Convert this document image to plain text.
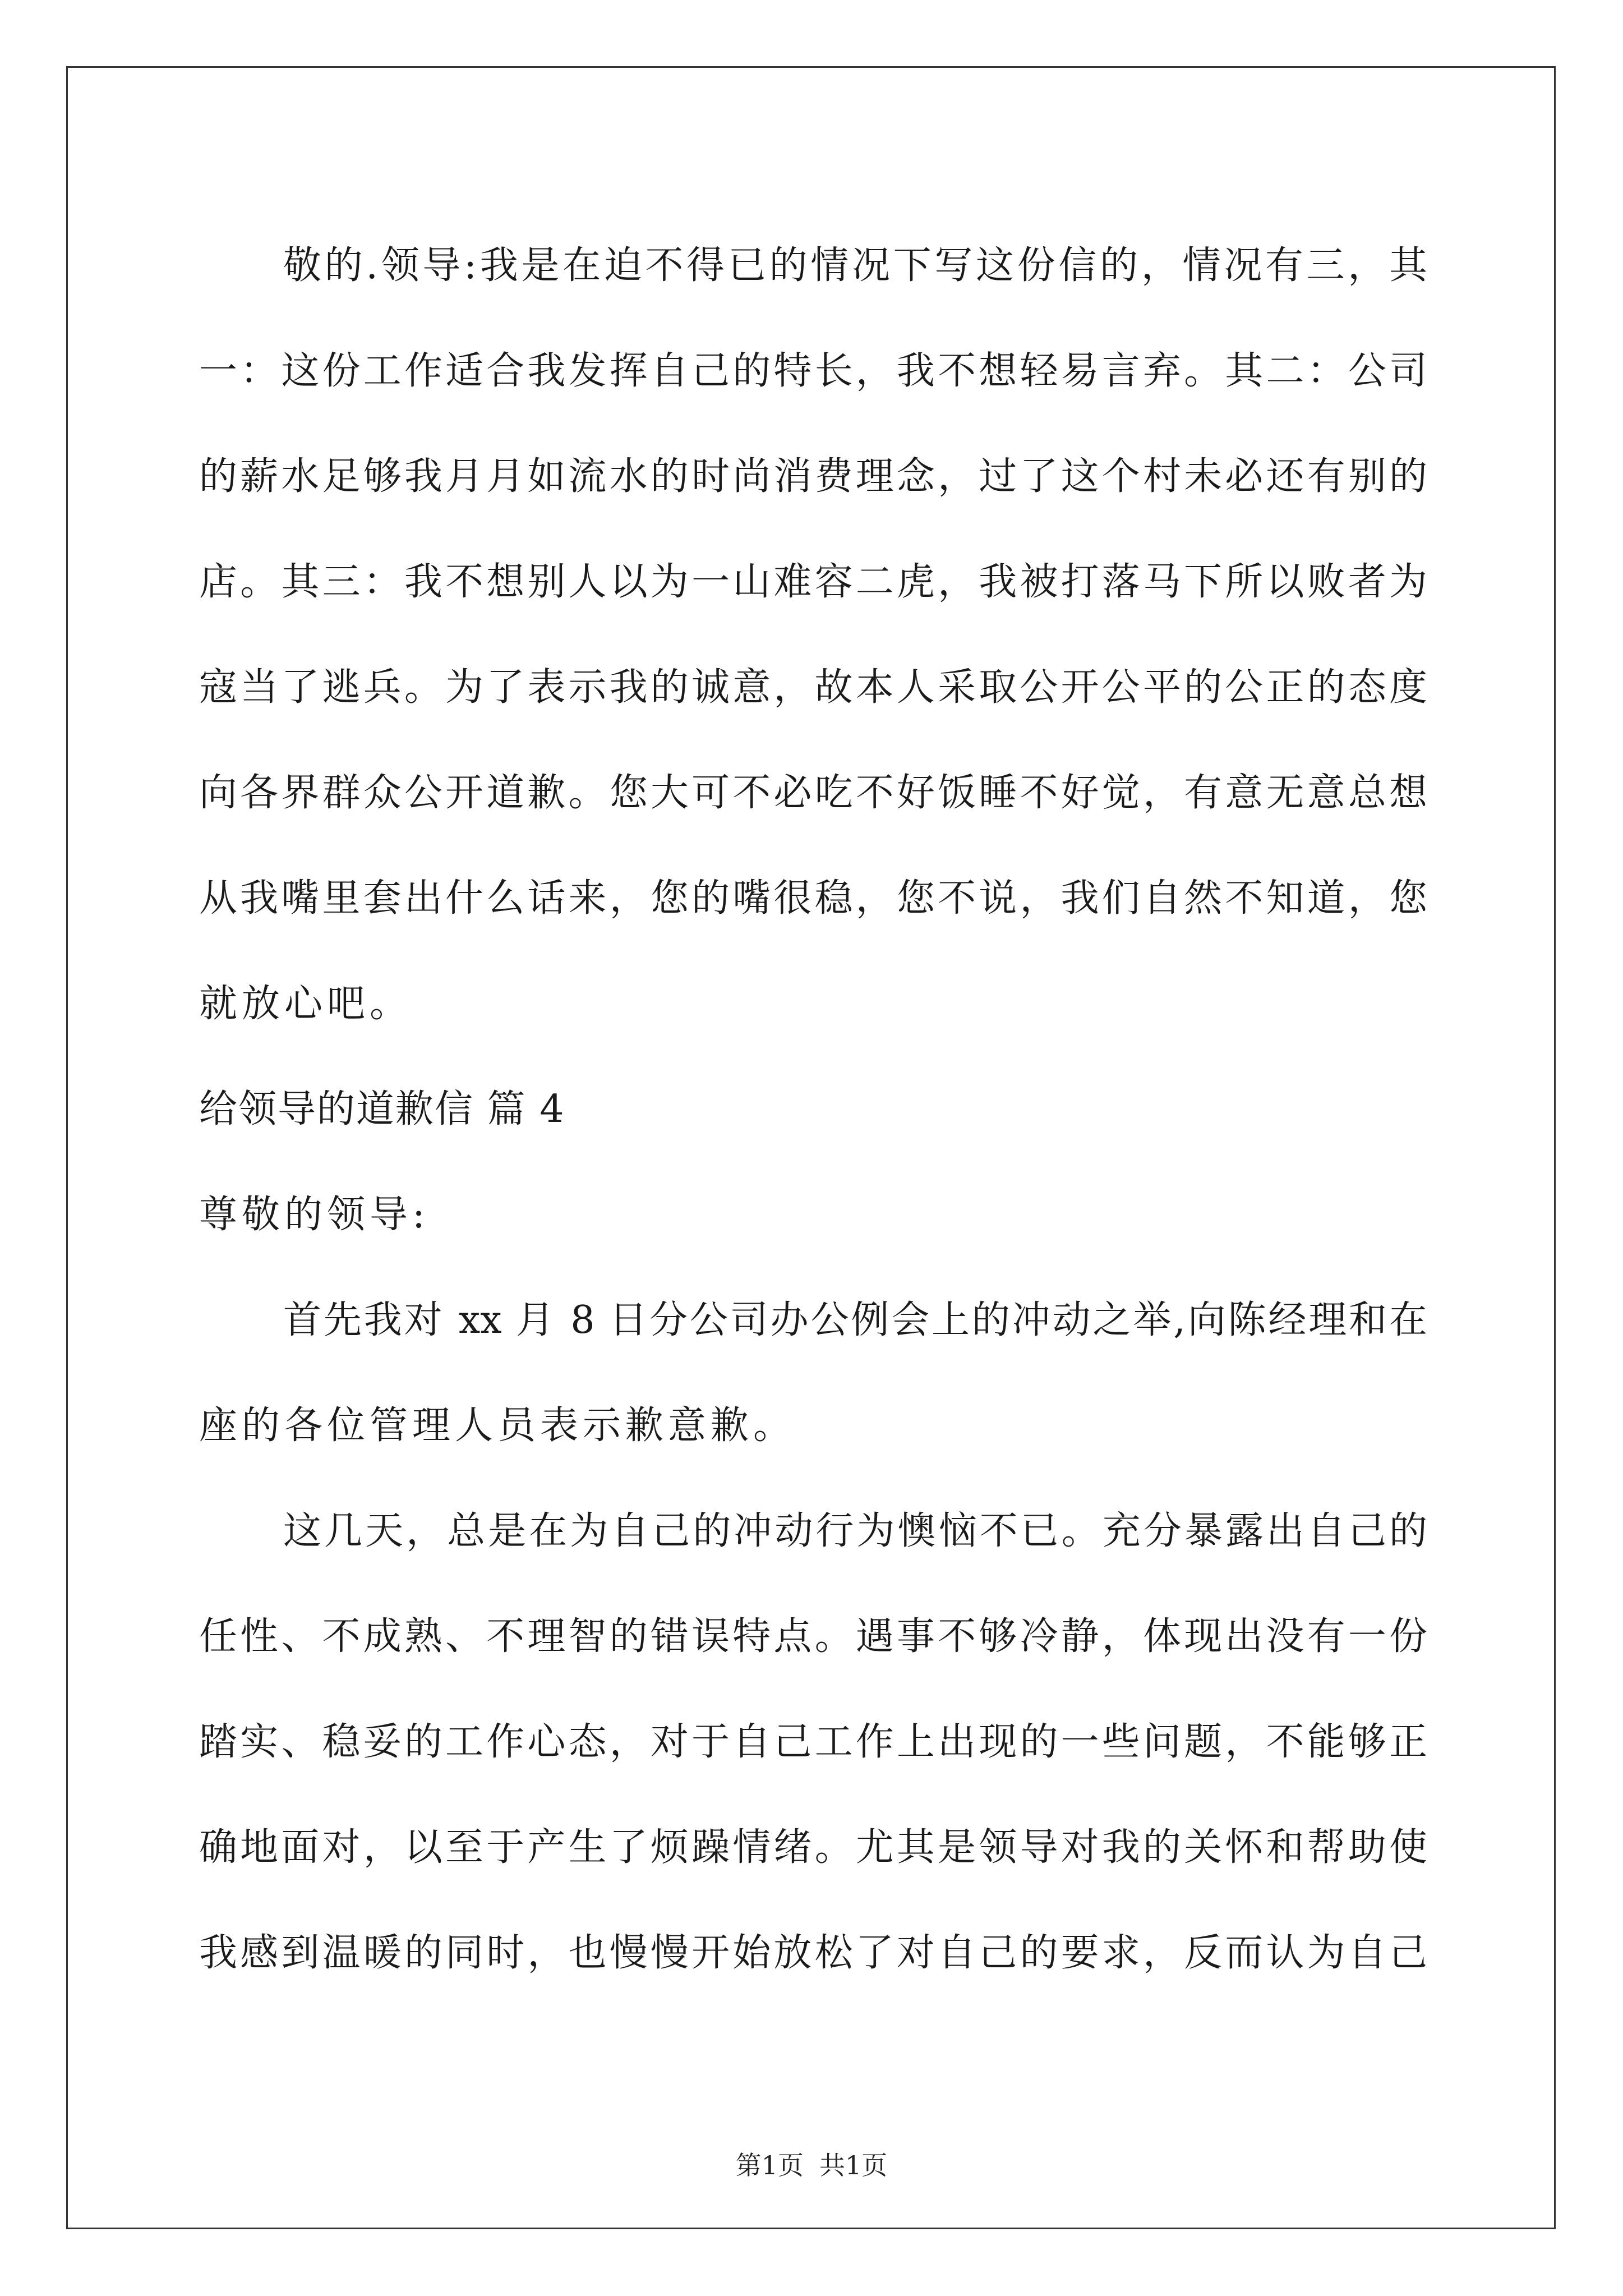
敬的.领导:我是在迫不得已的情况下写这份信的，情况有三，其
一：这份工作适合我发挥自己的特长，我不想轻易言弃。其二：公司
的薪水足够我月月如流水的时尚消费理念，过了这个村未必还有别的
店。其三：我不想别人以为一山难容二虎，我被打落马下所以败者为
寇当了逃兵。为了表示我的诚意，故本人采取公开公平的公正的态度
向各界群众公开道歉。您大可不必吃不好饭睡不好觉，有意无意总想
从我嘴里套出什么话来，您的嘴很稳，您不说，我们自然不知道，您
就放心吧。
给领导的道歉信 篇 4
尊敬的领导:
首先我对 xx 月 8 日分公司办公例会上的冲动之举,向陈经理和在
座的各位管理人员表示歉意歉。
这几天，总是在为自己的冲动行为懊恼不已。充分暴露出自己的
任性、不成熟、不理智的错误特点。遇事不够冷静，体现出没有一份
踏实、稳妥的工作心态，对于自己工作上出现的一些问题，不能够正
确地面对，以至于产生了烦躁情绪。尤其是领导对我的关怀和帮助使
我感到温暖的同时，也慢慢开始放松了对自己的要求，反而认为自己
第1页 共1页
